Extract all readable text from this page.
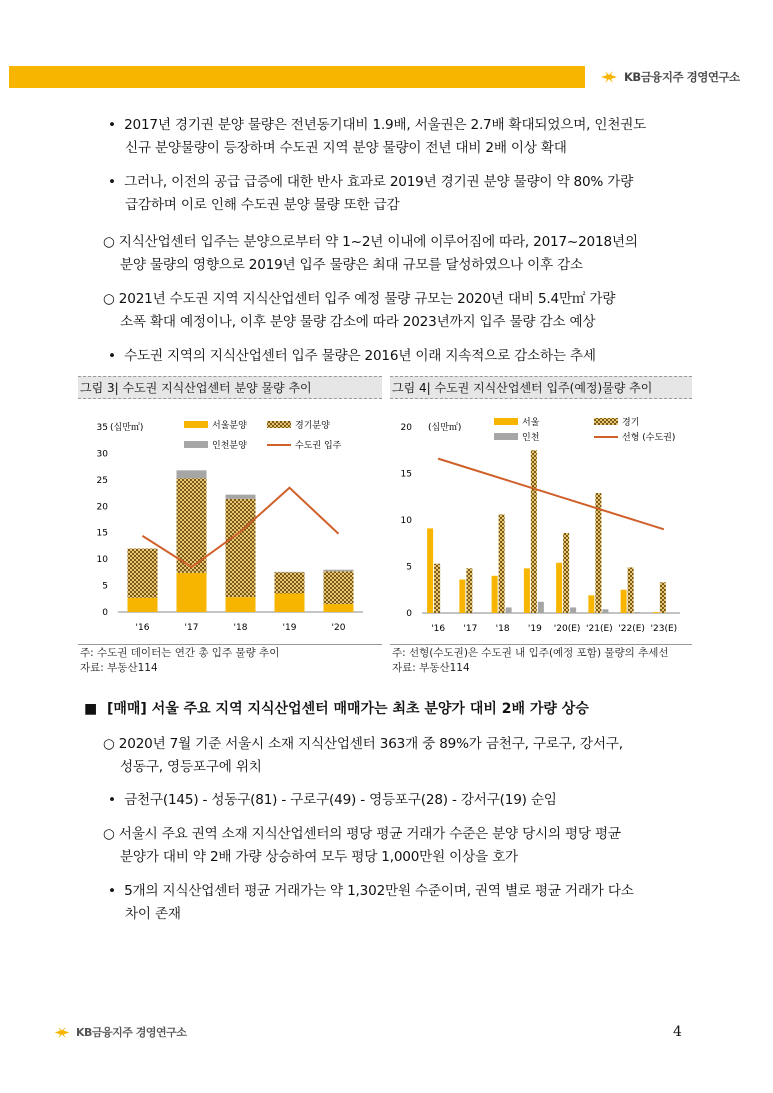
KB금융지주 경영연구소
• 2017년 경기권 분양 물량은 전년동기대비 1.9배, 서울권은 2.7배 확대되었으며, 인천권도
신규 분양물량이 등장하며 수도권 지역 분양 물량이 전년 대비 2배 이상 확대
• 그러나, 이전의 공급 급증에 대한 반사 효과로 2019년 경기권 분양 물량이 약 80% 가량
급감하며 이로 인해 수도권 분양 물량 또한 급감
○ 지식산업센터 입주는 분양으로부터 약 1~2년 이내에 이루어짐에 따라, 2017~2018년의
분양 물량의 영향으로 2019년 입주 물량은 최대 규모를 달성하였으나 이후 감소
○ 2021년 수도권 지역 지식산업센터 입주 예정 물량 규모는 2020년 대비 5.4만㎡ 가량
소폭 확대 예정이나, 이후 분양 물량 감소에 따라 2023년까지 입주 물량 감소 예상
• 수도권 지역의 지식산업센터 입주 물량은 2016년 이래 지속적으로 감소하는 추세
그림 3| 수도권 지식산업센터 분양 물량 추이	그림 4| 수도권 지식산업센터 입주(예정)물량 추이
0
5
10
15
20
25
30
35
'16	'17	'18	'19	'20
서울분양	경기분양
인천분양	수도권 입주
(십만㎡)
0
5
10
15
20
'16 '17 '18 '19 '20(E) '21(E) '22(E) '23(E)
서울	경기
인천	선형 (수도권)
(십만㎡)
주: 수도권 데이터는 연간 총 입주 물량 추이
자료: 부동산114
주: 선형(수도권)은 수도권 내 입주(예정 포함) 물량의 추세선
자료: 부동산114
■ [매매] 서울 주요 지역 지식산업센터 매매가는 최초 분양가 대비 2배 가량 상승
○ 2020년 7월 기준 서울시 소재 지식산업센터 363개 중 89%가 금천구, 구로구, 강서구,
성동구, 영등포구에 위치
• 금천구(145) - 성동구(81) - 구로구(49) - 영등포구(28) - 강서구(19) 순임
○ 서울시 주요 권역 소재 지식산업센터의 평당 평균 거래가 수준은 분양 당시의 평당 평균
분양가 대비 약 2배 가량 상승하여 모두 평당 1,000만원 이상을 호가
• 5개의 지식산업센터 평균 거래가는 약 1,302만원 수준이며, 권역 별로 평균 거래가 다소
차이 존재
KB금융지주 경영연구소	4
